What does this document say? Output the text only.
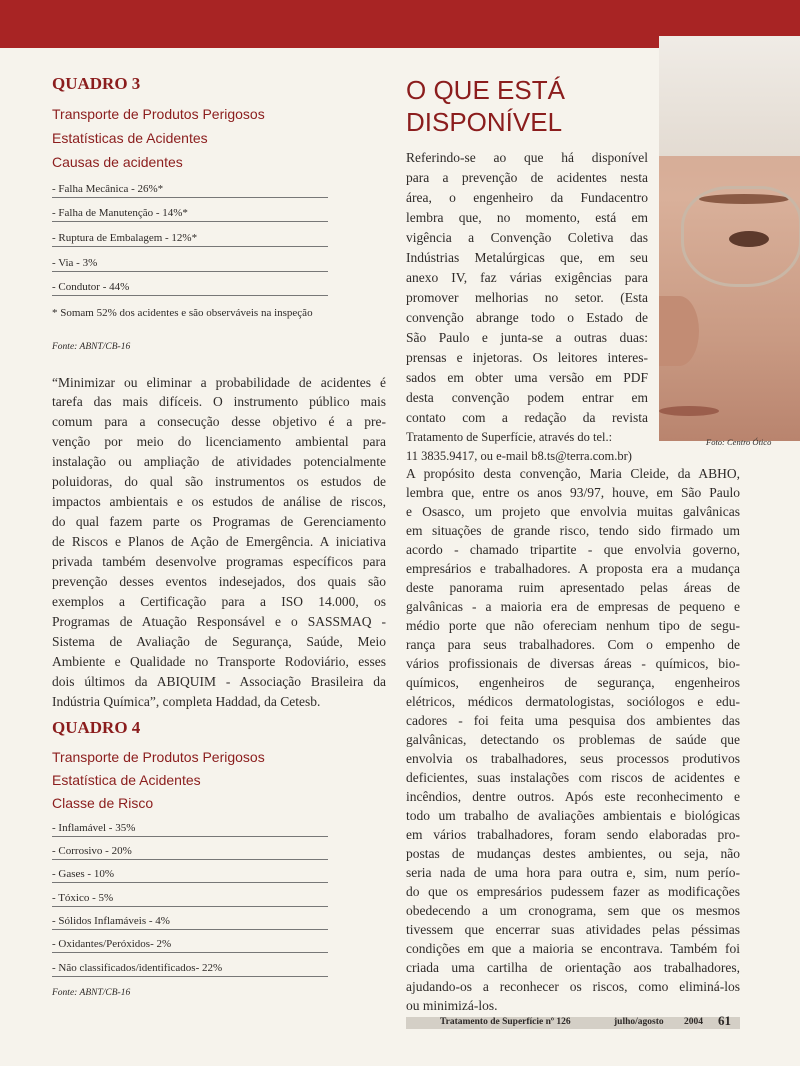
Foto: Centro Ótico
QUADRO 3
Transporte de Produtos Perigosos
Estatísticas de Acidentes
Causas de acidentes
- Falha Mecânica - 26%*
- Falha de Manutenção - 14%*
- Ruptura de Embalagem - 12%*
- Via - 3%
- Condutor - 44%
* Somam 52% dos acidentes e são observáveis na inspeção
Fonte: ABNT/CB-16
“Minimizar ou eliminar a probabilidade de acidentes é
tarefa das mais difíceis. O instrumento público mais
comum para a consecução desse objetivo é a pre-
venção por meio do licenciamento ambiental para
instalação ou ampliação de atividades potencialmente
poluidoras, do qual são instrumentos os estudos de
impactos ambientais e os estudos de análise de riscos,
do qual fazem parte os Programas de Gerenciamento
de Riscos e Planos de Ação de Emergência. A iniciativa
privada também desenvolve programas específicos para
prevenção desses eventos indesejados, dos quais são
exemplos a Certificação para a ISO 14.000, os
Programas de Atuação Responsável e o SASSMAQ -
Sistema de Avaliação de Segurança, Saúde, Meio
Ambiente e Qualidade no Transporte Rodoviário, esses
dois últimos da ABIQUIM - Associação Brasileira da
Indústria Química”, completa Haddad, da Cetesb.
QUADRO 4
Transporte de Produtos Perigosos
Estatística de Acidentes
Classe de Risco
- Inflamável - 35%
- Corrosivo - 20%
- Gases - 10%
- Tóxico - 5%
- Sólidos Inflamáveis - 4%
- Oxidantes/Peróxidos- 2%
- Não classificados/identificados- 22%
Fonte: ABNT/CB-16
O QUE ESTÁ
DISPONÍVEL
Referindo-se ao que há disponível
para a prevenção de acidentes nesta
área, o engenheiro da Fundacentro
lembra que, no momento, está em
vigência a Convenção Coletiva das
Indústrias Metalúrgicas que, em seu
anexo IV, faz várias exigências para
promover melhorias no setor. (Esta
convenção abrange todo o Estado de
São Paulo e junta-se a outras duas:
prensas e injetoras. Os leitores interes-
sados em obter uma versão em PDF
desta convenção podem entrar em
contato com a redação da revista
Tratamento de Superfície, através do tel.:
11 3835.9417, ou e-mail b8.ts@terra.com.br)
A propósito desta convenção, Maria Cleide, da ABHO,
lembra que, entre os anos 93/97, houve, em São Paulo
e Osasco, um projeto que envolvia muitas galvânicas
em situações de grande risco, tendo sido firmado um
acordo - chamado tripartite - que envolvia governo,
empresários e trabalhadores. A proposta era a mudança
deste panorama ruim apresentado pelas áreas de
galvânicas - a maioria era de empresas de pequeno e
médio porte que não ofereciam nenhum tipo de segu-
rança para seus trabalhadores. Com o empenho de
vários profissionais de diversas áreas - químicos, bio-
químicos, engenheiros de segurança, engenheiros
elétricos, médicos dermatologistas, sociólogos e edu-
cadores - foi feita uma pesquisa dos ambientes das
galvânicas, detectando os problemas de saúde que
envolvia os trabalhadores, seus processos produtivos
deficientes, suas instalações com riscos de acidentes e
incêndios, dentre outros. Após este reconhecimento e
todo um trabalho de avaliações ambientais e biológicas
em vários trabalhadores, foram sendo elaboradas pro-
postas de mudanças destes ambientes, ou seja, não
seria nada de uma hora para outra e, sim, num perío-
do que os empresários pudessem fazer as modificações
obedecendo a um cronograma, sem que os mesmos
tivessem que encerrar suas atividades pelas péssimas
condições em que a maioria se encontrava. Também foi
criada uma cartilha de orientação aos trabalhadores,
ajudando-os a reconhecer os riscos, como eliminá-los
ou minimizá-los.
Tratamento de Superfície nº 126	julho/agosto 2004 61
